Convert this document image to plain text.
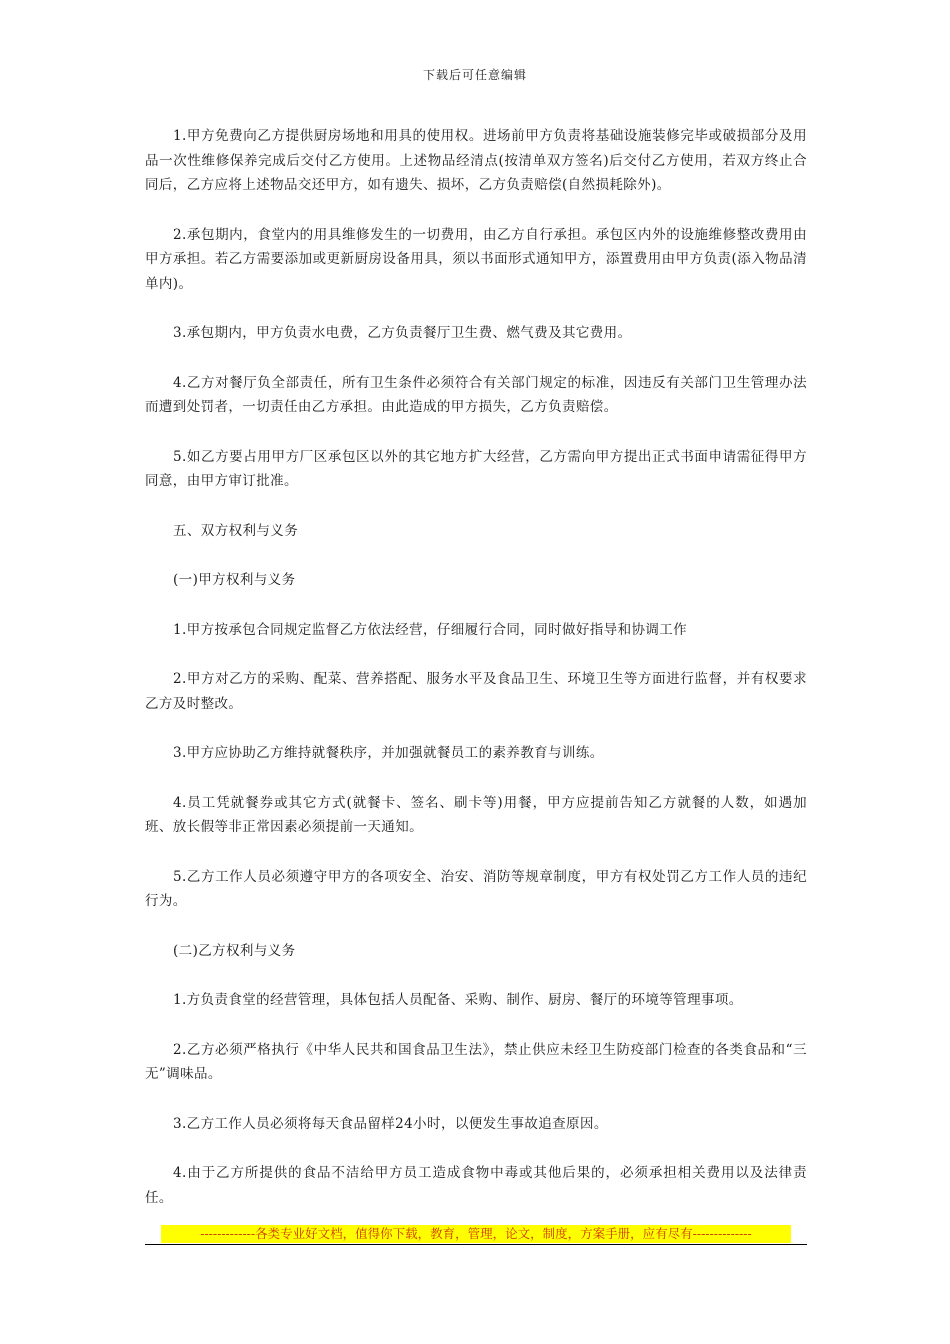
下载后可任意编辑

1.甲方免费向乙方提供厨房场地和用具的使用权。进场前甲方负责将基础设施装修完毕或破损部分及用品一次性维修保养完成后交付乙方使用。上述物品经清点(按清单双方签名)后交付乙方使用，若双方终止合同后，乙方应将上述物品交还甲方，如有遗失、损坏，乙方负责赔偿(自然损耗除外)。

2.承包期内，食堂内的用具维修发生的一切费用，由乙方自行承担。承包区内外的设施维修整改费用由甲方承担。若乙方需要添加或更新厨房设备用具，须以书面形式通知甲方，添置费用由甲方负责(添入物品清单内)。

3.承包期内，甲方负责水电费，乙方负责餐厅卫生费、燃气费及其它费用。

4.乙方对餐厅负全部责任，所有卫生条件必须符合有关部门规定的标准，因违反有关部门卫生管理办法而遭到处罚者，一切责任由乙方承担。由此造成的甲方损失，乙方负责赔偿。

5.如乙方要占用甲方厂区承包区以外的其它地方扩大经营，乙方需向甲方提出正式书面申请需征得甲方同意，由甲方审订批准。

五、双方权利与义务

(一)甲方权利与义务

1.甲方按承包合同规定监督乙方依法经营，仔细履行合同，同时做好指导和协调工作

2.甲方对乙方的采购、配菜、营养搭配、服务水平及食品卫生、环境卫生等方面进行监督，并有权要求乙方及时整改。

3.甲方应协助乙方维持就餐秩序，并加强就餐员工的素养教育与训练。

4.员工凭就餐券或其它方式(就餐卡、签名、刷卡等)用餐，甲方应提前告知乙方就餐的人数，如遇加班、放长假等非正常因素必须提前一天通知。

5.乙方工作人员必须遵守甲方的各项安全、治安、消防等规章制度，甲方有权处罚乙方工作人员的违纪行为。

(二)乙方权利与义务

1.方负责食堂的经营管理，具体包括人员配备、采购、制作、厨房、餐厅的环境等管理事项。

2.乙方必须严格执行《中华人民共和国食品卫生法》，禁止供应未经卫生防疫部门检查的各类食品和“三无”调味品。

3.乙方工作人员必须将每天食品留样24小时，以便发生事故追查原因。

4.由于乙方所提供的食品不洁给甲方员工造成食物中毒或其他后果的，必须承担相关费用以及法律责任。

-------------各类专业好文档，值得你下载，教育，管理，论文，制度，方案手册，应有尽有--------------
